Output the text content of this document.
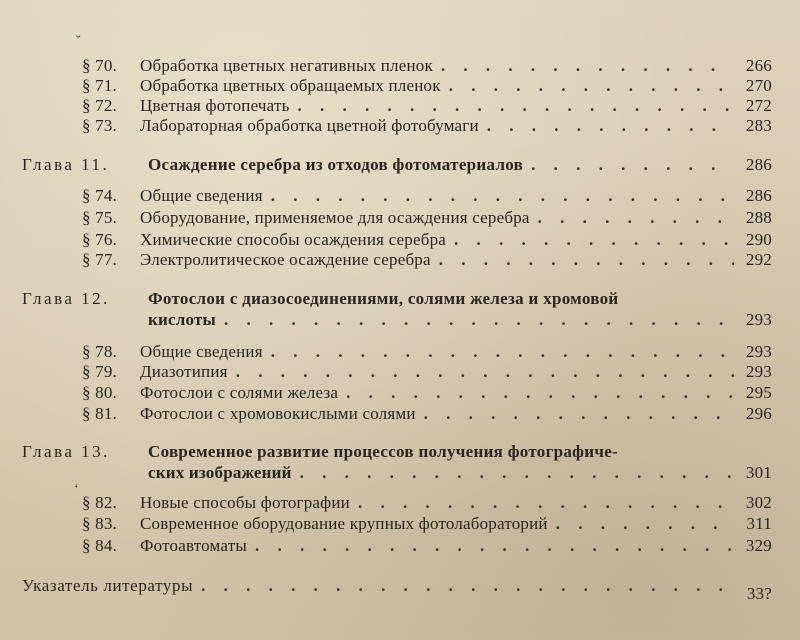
˘
§ 70.	Обработка цветных негативных пленок . . .	266
§ 71.	Обработка цветных обращаемых пленок . . .	270
§ 72.	Цветная фотопечать . . .	272
§ 73.	Лабораторная обработка цветной фотобумаги . . .	283
Глава 11.	Осаждение серебра из отходов фотоматериалов . . .	286
§ 74.	Общие сведения . . .	286
§ 75.	Оборудование, применяемое для осаждения серебра . . .	288
§ 76.	Химические способы осаждения серебра . . .	290
§ 77.	Электролитическое осаждение серебра . . .	292
Глава 12.	Фотослои с диазосоединениями, солями железа и хромовой
кислоты . . .	293
§ 78.	Общие сведения . . .	293
§ 79.	Диазотипия . . .	293
§ 80.	Фотослои с солями железа . . .	295
§ 81.	Фотослои с хромовокислыми солями . . .	296
Глава 13.	Современное развитие процессов получения фотографиче-
ских изображений . . .	301
ʻ
§ 82.	Новые способы фотографии . . .	302
§ 83.	Современное оборудование крупных фотолабораторий . . .	311
§ 84.	Фотоавтоматы . . .	329
Указатель литературы . . .	33?
